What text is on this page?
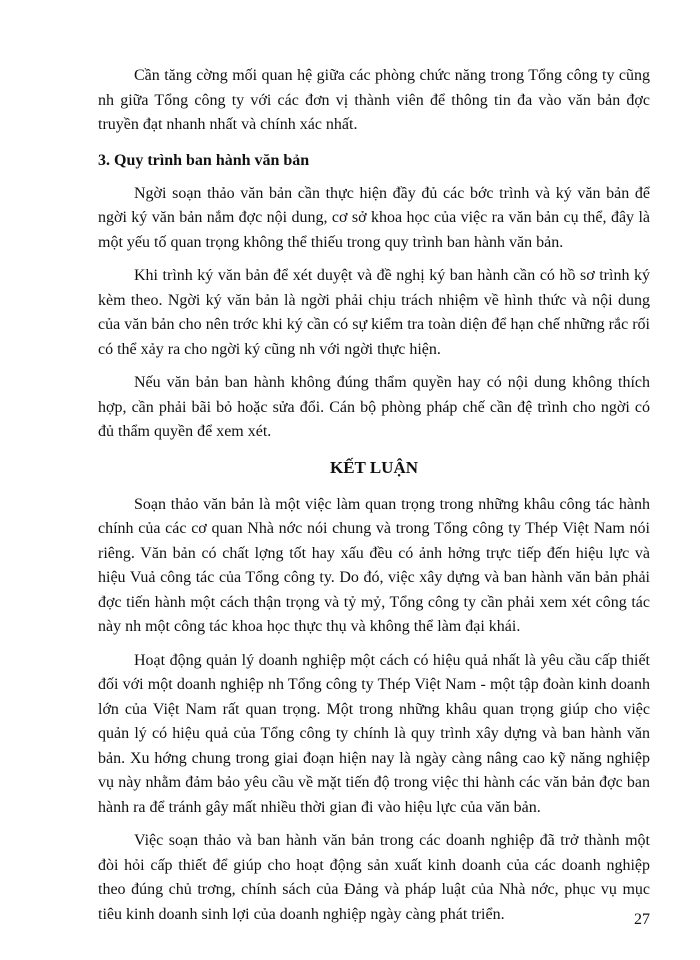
Cần tăng cờng mối quan hệ giữa các phòng chức năng trong Tổng công ty cũng nh giữa Tổng công ty với các đơn vị thành viên để thông tin đa vào văn bản đợc truyền đạt nhanh nhất và chính xác nhất.

3. Quy trình ban hành văn bản

Ngời soạn thảo văn bản cần thực hiện đầy đủ các bớc trình và ký văn bản để ngời ký văn bản nắm đợc nội dung, cơ sở khoa học của việc ra văn bản cụ thể, đây là một yếu tố quan trọng không thể thiếu trong quy trình ban hành văn bản.

Khi trình ký văn bản để xét duyệt và đề nghị ký ban hành cần có hồ sơ trình ký kèm theo. Ngời ký văn bản là ngời phải chịu trách nhiệm về hình thức và nội dung của văn bản cho nên trớc khi ký cần có sự kiểm tra toàn diện để hạn chế những rắc rối có thể xảy ra cho ngời ký cũng nh với ngời thực hiện.

Nếu văn bản ban hành không đúng thẩm quyền hay có nội dung không thích hợp, cần phải bãi bỏ hoặc sửa đổi. Cán bộ phòng pháp chế cần đệ trình cho ngời có đủ thẩm quyền để xem xét.

KẾT LUẬN

Soạn thảo văn bản là một việc làm quan trọng trong những khâu công tác hành chính của các cơ quan Nhà nớc nói chung và trong Tổng công ty Thép Việt Nam nói riêng. Văn bản có chất lợng tốt hay xấu đều có ảnh hởng trực tiếp đến hiệu lực và hiệu Vuả công tác của Tổng công ty. Do đó, việc xây dựng và ban hành văn bản phải đợc tiến hành một cách thận trọng và tỷ mỷ, Tổng công ty cần phải xem xét công tác này nh một công tác khoa học thực thụ và không thể làm đại khái.

Hoạt động quản lý doanh nghiệp một cách có hiệu quả nhất là yêu cầu cấp thiết đối với một doanh nghiệp nh Tổng công ty Thép Việt Nam - một tập đoàn kinh doanh lớn của Việt Nam rất quan trọng. Một trong những khâu quan trọng giúp cho việc quản lý có hiệu quả của Tổng công ty chính là quy trình xây dựng và ban hành văn bản. Xu hớng chung trong giai đoạn hiện nay là ngày càng nâng cao kỹ năng nghiệp vụ này nhằm đảm bảo yêu cầu về mặt tiến độ trong việc thi hành các văn bản đợc ban hành ra để tránh gây mất nhiều thời gian đi vào hiệu lực của văn bản.

Việc soạn thảo và ban hành văn bản trong các doanh nghiệp đã trở thành một đòi hỏi cấp thiết để giúp cho hoạt động sản xuất kinh doanh của các doanh nghiệp theo đúng chủ trơng, chính sách của Đảng và pháp luật của Nhà nớc, phục vụ mục tiêu kinh doanh sinh lợi của doanh nghiệp ngày càng phát triển.	27
